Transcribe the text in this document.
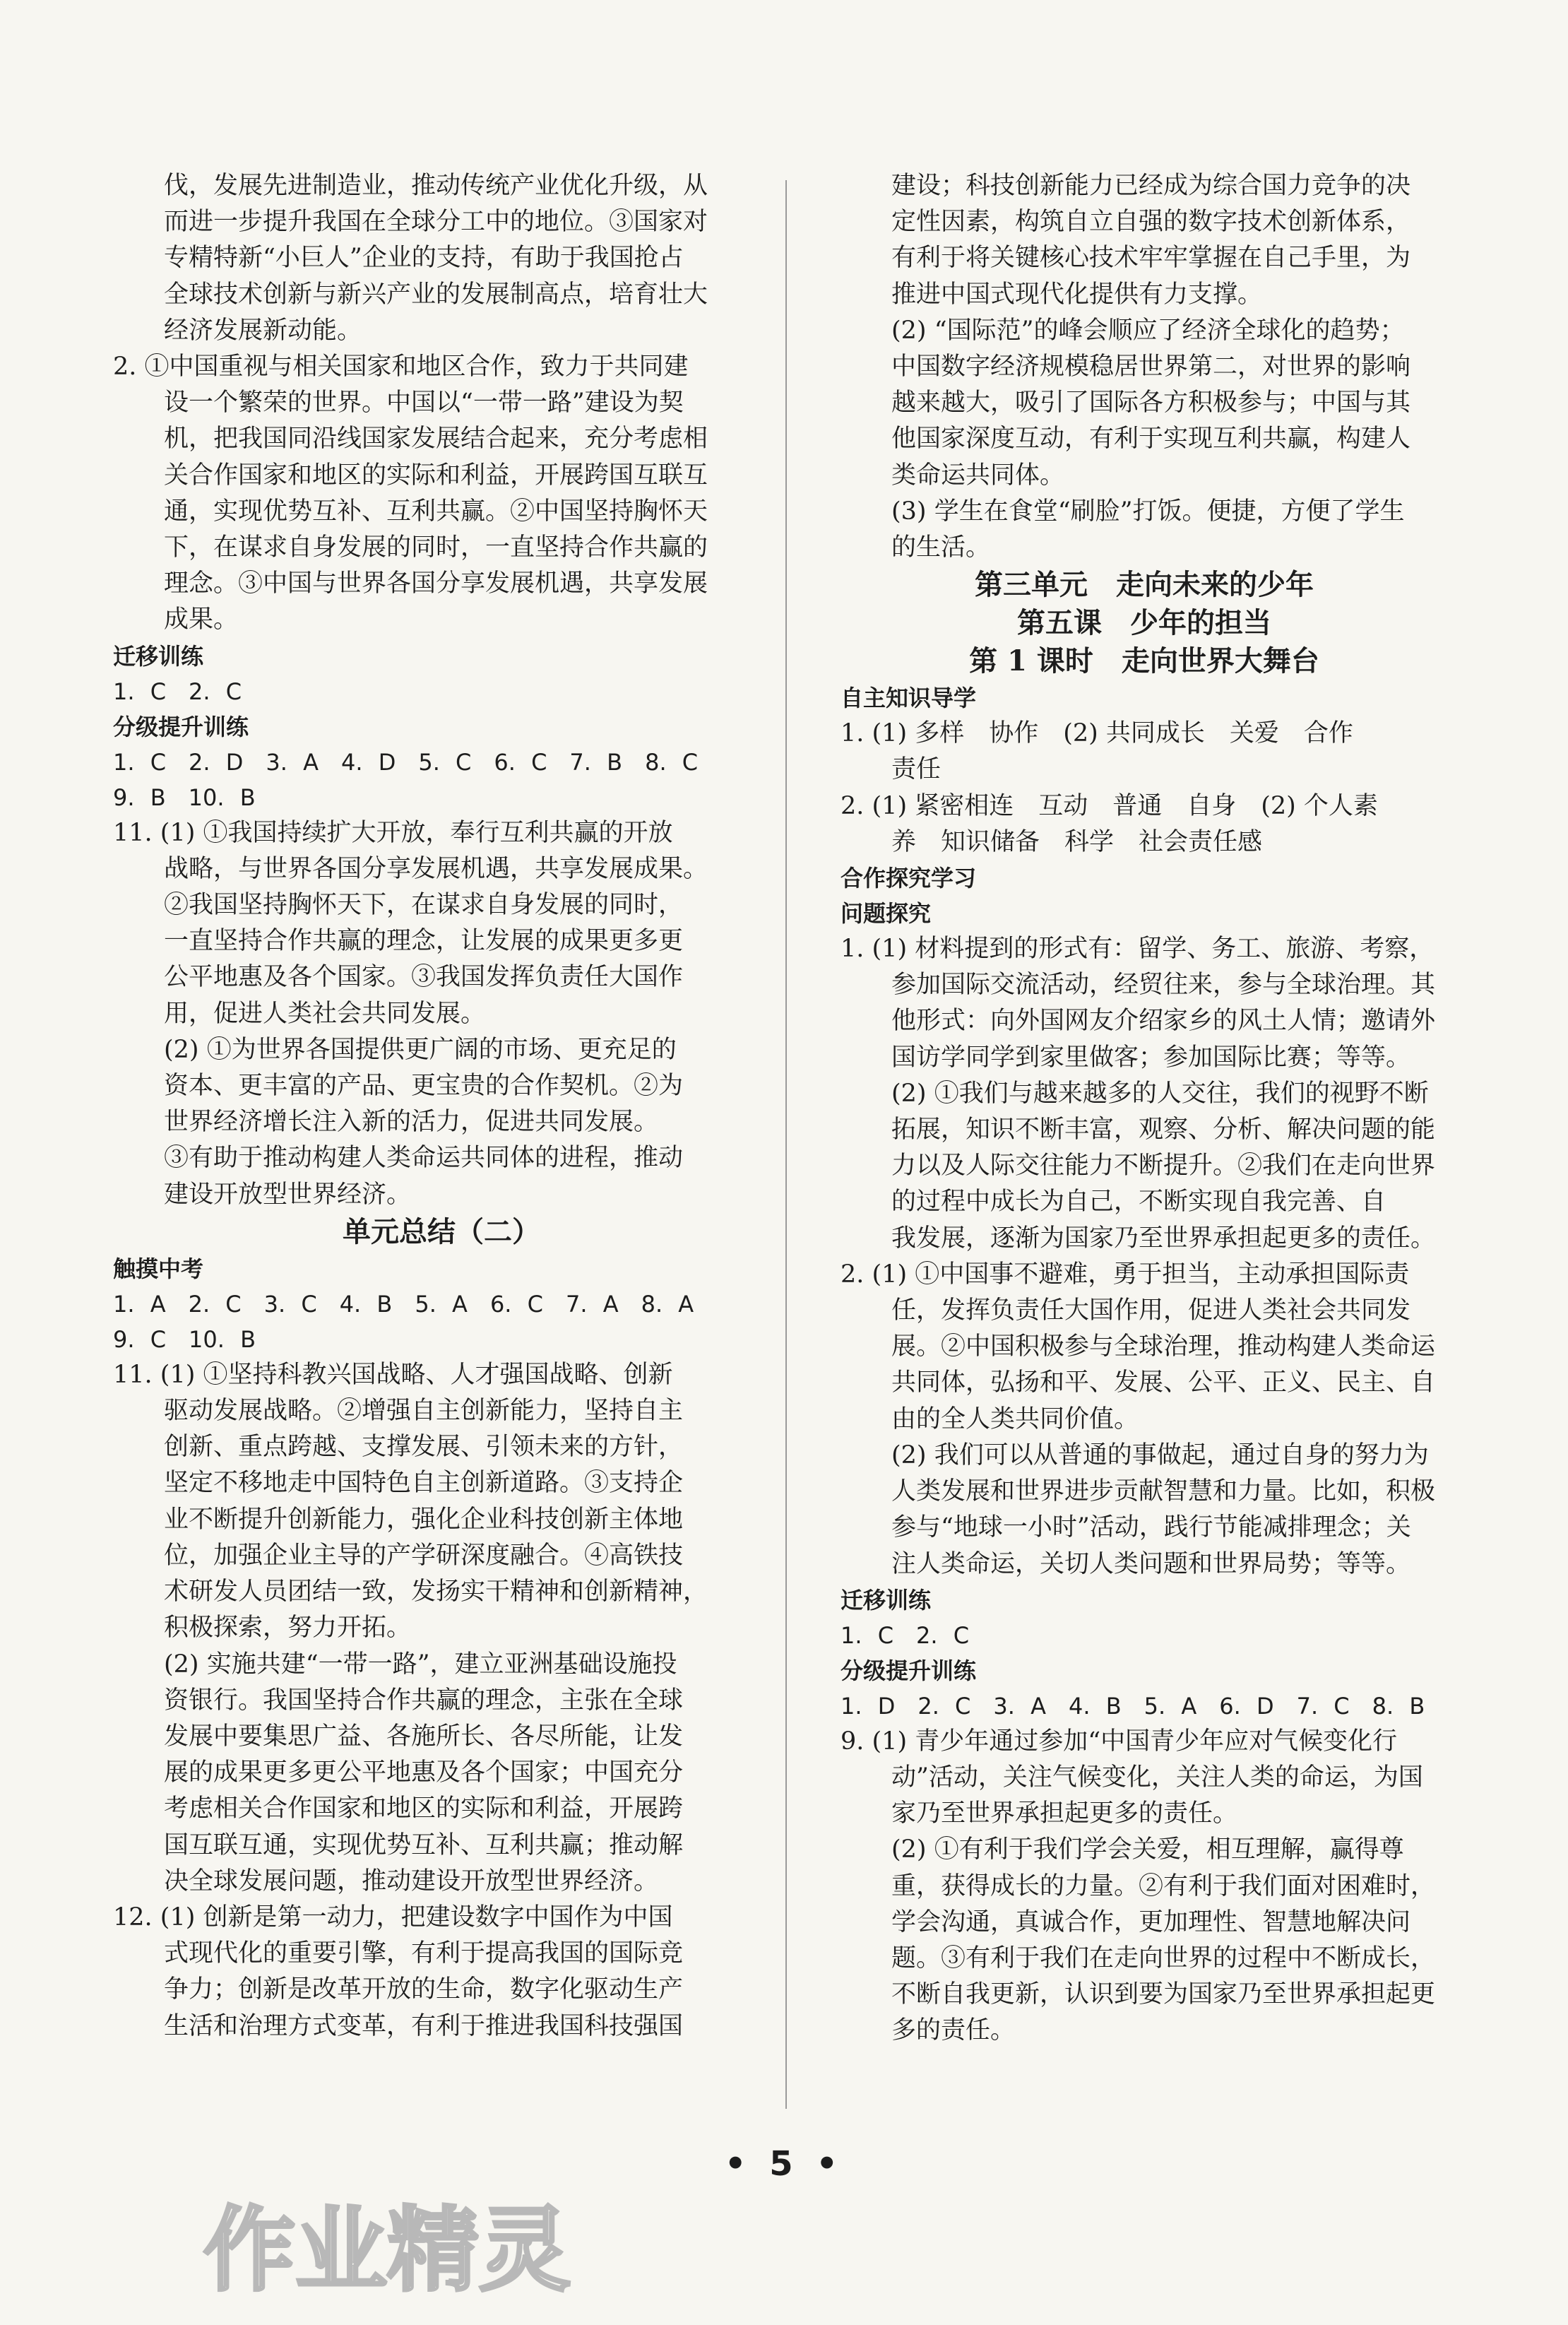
伐，发展先进制造业，推动传统产业优化升级，从

而进一步提升我国在全球分工中的地位。③国家对

专精特新“小巨人”企业的支持，有助于我国抢占

全球技术创新与新兴产业的发展制高点，培育壮大

经济发展新动能。

2. ①中国重视与相关国家和地区合作，致力于共同建

设一个繁荣的世界。中国以“一带一路”建设为契

机，把我国同沿线国家发展结合起来，充分考虑相

关合作国家和地区的实际和利益，开展跨国互联互

通，实现优势互补、互利共赢。②中国坚持胸怀天

下，在谋求自身发展的同时，一直坚持合作共赢的

理念。③中国与世界各国分享发展机遇，共享发展

成果。

迁移训练

1. C　2. C

分级提升训练

1. C　2. D　3. A　4. D　5. C　6. C　7. B　8. C

9. B　10. B

11. (1) ①我国持续扩大开放，奉行互利共赢的开放

战略，与世界各国分享发展机遇，共享发展成果。

②我国坚持胸怀天下，在谋求自身发展的同时，

一直坚持合作共赢的理念，让发展的成果更多更

公平地惠及各个国家。③我国发挥负责任大国作

用，促进人类社会共同发展。

(2) ①为世界各国提供更广阔的市场、更充足的

资本、更丰富的产品、更宝贵的合作契机。②为

世界经济增长注入新的活力，促进共同发展。

③有助于推动构建人类命运共同体的进程，推动

建设开放型世界经济。

单元总结（二）

触摸中考

1. A　2. C　3. C　4. B　5. A　6. C　7. A　8. A

9. C　10. B

11. (1) ①坚持科教兴国战略、人才强国战略、创新

驱动发展战略。②增强自主创新能力，坚持自主

创新、重点跨越、支撑发展、引领未来的方针，

坚定不移地走中国特色自主创新道路。③支持企

业不断提升创新能力，强化企业科技创新主体地

位，加强企业主导的产学研深度融合。④高铁技

术研发人员团结一致，发扬实干精神和创新精神，

积极探索，努力开拓。

(2) 实施共建“一带一路”，建立亚洲基础设施投

资银行。我国坚持合作共赢的理念，主张在全球

发展中要集思广益、各施所长、各尽所能，让发

展的成果更多更公平地惠及各个国家；中国充分

考虑相关合作国家和地区的实际和利益，开展跨

国互联互通，实现优势互补、互利共赢；推动解

决全球发展问题，推动建设开放型世界经济。

12. (1) 创新是第一动力，把建设数字中国作为中国

式现代化的重要引擎，有利于提高我国的国际竞

争力；创新是改革开放的生命，数字化驱动生产

生活和治理方式变革，有利于推进我国科技强国

建设；科技创新能力已经成为综合国力竞争的决

定性因素，构筑自立自强的数字技术创新体系，

有利于将关键核心技术牢牢掌握在自己手里，为

推进中国式现代化提供有力支撑。

(2) “国际范”的峰会顺应了经济全球化的趋势；

中国数字经济规模稳居世界第二，对世界的影响

越来越大，吸引了国际各方积极参与；中国与其

他国家深度互动，有利于实现互利共赢，构建人

类命运共同体。

(3) 学生在食堂“刷脸”打饭。便捷，方便了学生

的生活。

第三单元　走向未来的少年

第五课　少年的担当

第 1 课时　走向世界大舞台

自主知识导学

1. (1) 多样　协作　(2) 共同成长　关爱　合作

责任

2. (1) 紧密相连　互动　普通　自身　(2) 个人素

养　知识储备　科学　社会责任感

合作探究学习

问题探究

1. (1) 材料提到的形式有：留学、务工、旅游、考察，

参加国际交流活动，经贸往来，参与全球治理。其

他形式：向外国网友介绍家乡的风土人情；邀请外

国访学同学到家里做客；参加国际比赛；等等。

(2) ①我们与越来越多的人交往，我们的视野不断

拓展，知识不断丰富，观察、分析、解决问题的能

力以及人际交往能力不断提升。②我们在走向世界

的过程中成长为自己，不断实现自我完善、自

我发展，逐渐为国家乃至世界承担起更多的责任。

2. (1) ①中国事不避难，勇于担当，主动承担国际责

任，发挥负责任大国作用，促进人类社会共同发

展。②中国积极参与全球治理，推动构建人类命运

共同体，弘扬和平、发展、公平、正义、民主、自

由的全人类共同价值。

(2) 我们可以从普通的事做起，通过自身的努力为

人类发展和世界进步贡献智慧和力量。比如，积极

参与“地球一小时”活动，践行节能减排理念；关

注人类命运，关切人类问题和世界局势；等等。

迁移训练

1. C　2. C

分级提升训练

1. D　2. C　3. A　4. B　5. A　6. D　7. C　8. B

9. (1) 青少年通过参加“中国青少年应对气候变化行

动”活动，关注气候变化，关注人类的命运，为国

家乃至世界承担起更多的责任。

(2) ①有利于我们学会关爱，相互理解，赢得尊

重，获得成长的力量。②有利于我们面对困难时，

学会沟通，真诚合作，更加理性、智慧地解决问

题。③有利于我们在走向世界的过程中不断成长，

不断自我更新，认识到要为国家乃至世界承担起更

多的责任。

• 5 •
作业精灵
